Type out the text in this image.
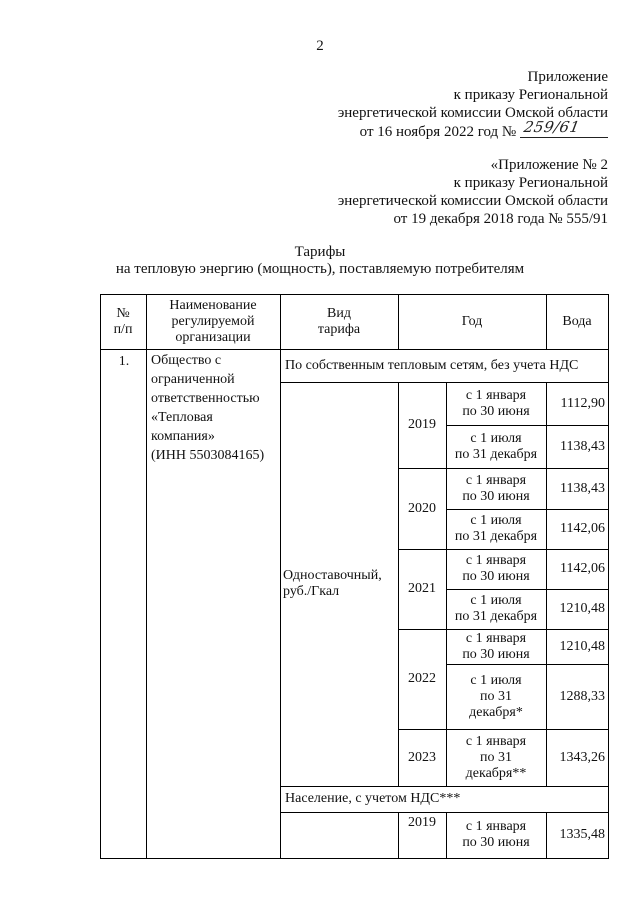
2
Приложение
к приказу Региональной
энергетической комиссии Омской области
от 16 ноября 2022 год № 259/61
«Приложение № 2
к приказу Региональной
энергетической комиссии Омской области
от 19 декабря 2018 года № 555/91
Тарифы
на тепловую энергию (мощность), поставляемую потребителям
№
п/п
Наименование
регулируемой
организации
Вид
тарифа
Год	Вода
1. Общество с
ограниченной
ответственностью
«Тепловая
компания»
(ИНН 5503084165)
По собственным тепловым сетям, без учета НДС
Население, с учетом НДС***
Одноставочный,
руб./Гкал
2019
2020
2021
2022
2023
с 1 января
по 30 июня
1112,90
с 1 июля
по 31 декабря
1138,43
с 1 января
по 30 июня
1138,43
с 1 июля
по 31 декабря
1142,06
с 1 января
по 30 июня
1142,06
с 1 июля
по 31 декабря
1210,48
с 1 января
по 30 июня
1210,48
с 1 июля
по 31
декабря*
1288,33
с 1 января
по 31
декабря**
1343,26
2019 с 1 января
по 30 июня
1335,48
